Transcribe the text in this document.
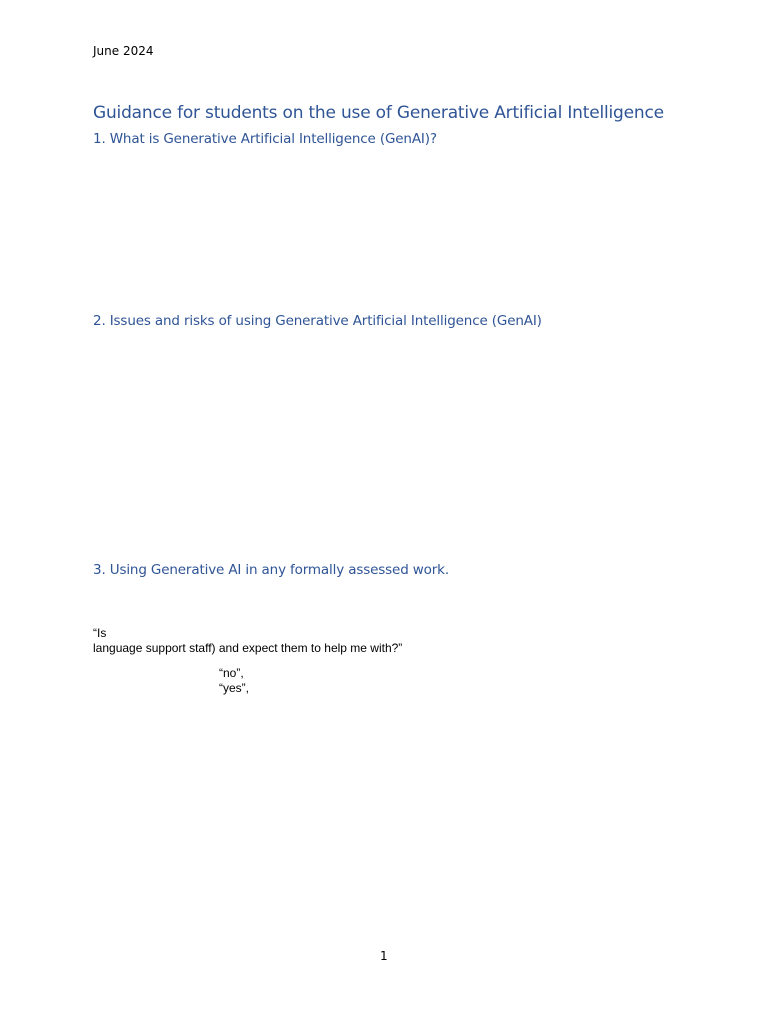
June 2024
Guidance for students on the use of Generative Artificial Intelligence
1. What is Generative Artificial Intelligence (GenAI)?
2. Issues and risks of using Generative Artificial Intelligence (GenAI)
3. Using Generative AI in any formally assessed work.
“Is
language support staff) and expect them to help me with?”
“no”,
“yes”,
1
